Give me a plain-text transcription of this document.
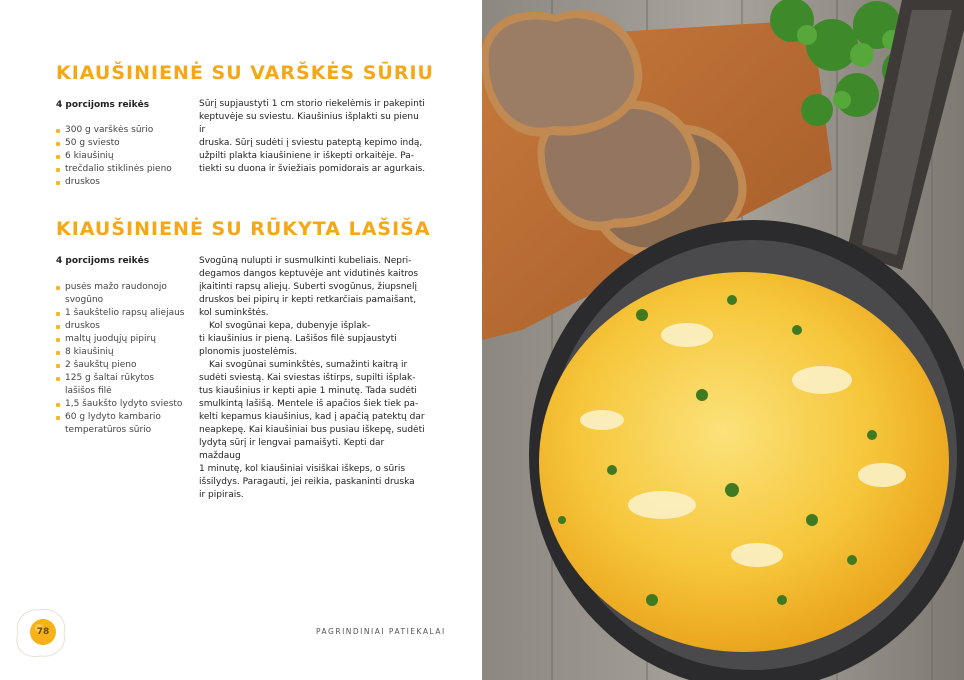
KIAUŠINIENĖ SU VARŠKĖS SŪRIU

4 porcijoms reikės

300 g varškės sūrio
50 g sviesto
6 kiaušinių
trečdalio stiklinės pieno
druskos

Sūrį supjaustyti 1 cm storio riekelėmis ir pakepinti

keptuvėje su sviestu. Kiaušinius išplakti su pienu ir

druska. Sūrį sudėti į sviestu pateptą kepimo indą,

užpilti plakta kiaušiniene ir iškepti orkaitėje. Pa-

tiekti su duona ir šviežiais pomidorais ar agurkais.

KIAUŠINIENĖ SU RŪKYTA LAŠIŠA

4 porcijoms reikės

pusės mažo raudonojo svogūno
1 šaukštelio rapsų aliejaus
druskos
maltų juodųjų pipirų
8 kiaušinių
2 šaukštų pieno
125 g šaltai rūkytos lašišos filė
1,5 šaukšto lydyto sviesto
60 g lydyto kambario temperatūros sūrio

Svogūną nulupti ir susmulkinti kubeliais. Nepri-

degamos dangos keptuvėje ant vidutinės kaitros

įkaitinti rapsų aliejų. Suberti svogūnus, žiupsnelį

druskos bei pipirų ir kepti retkarčiais pamaišant,

kol suminkštės.

Kol svogūnai kepa, dubenyje išplak-

ti kiaušinius ir pieną. Lašišos filė supjaustyti

plonomis juostelėmis.

Kai svogūnai suminkštės, sumažinti kaitrą ir

sudėti sviestą. Kai sviestas ištirps, supilti išplak-

tus kiaušinius ir kepti apie 1 minutę. Tada sudėti

smulkintą lašišą. Mentele iš apačios šiek tiek pa-

kelti kepamus kiaušinius, kad į apačią patektų dar

neapkepę. Kai kiaušiniai bus pusiau iškepę, sudėti

lydytą sūrį ir lengvai pamaišyti. Kepti dar maždaug

1 minutę, kol kiaušiniai visiškai iškeps, o sūris

išsilydys. Paragauti, jei reikia, paskaninti druska

ir pipirais.

78	PAGRINDINIAI PATIEKALAI
